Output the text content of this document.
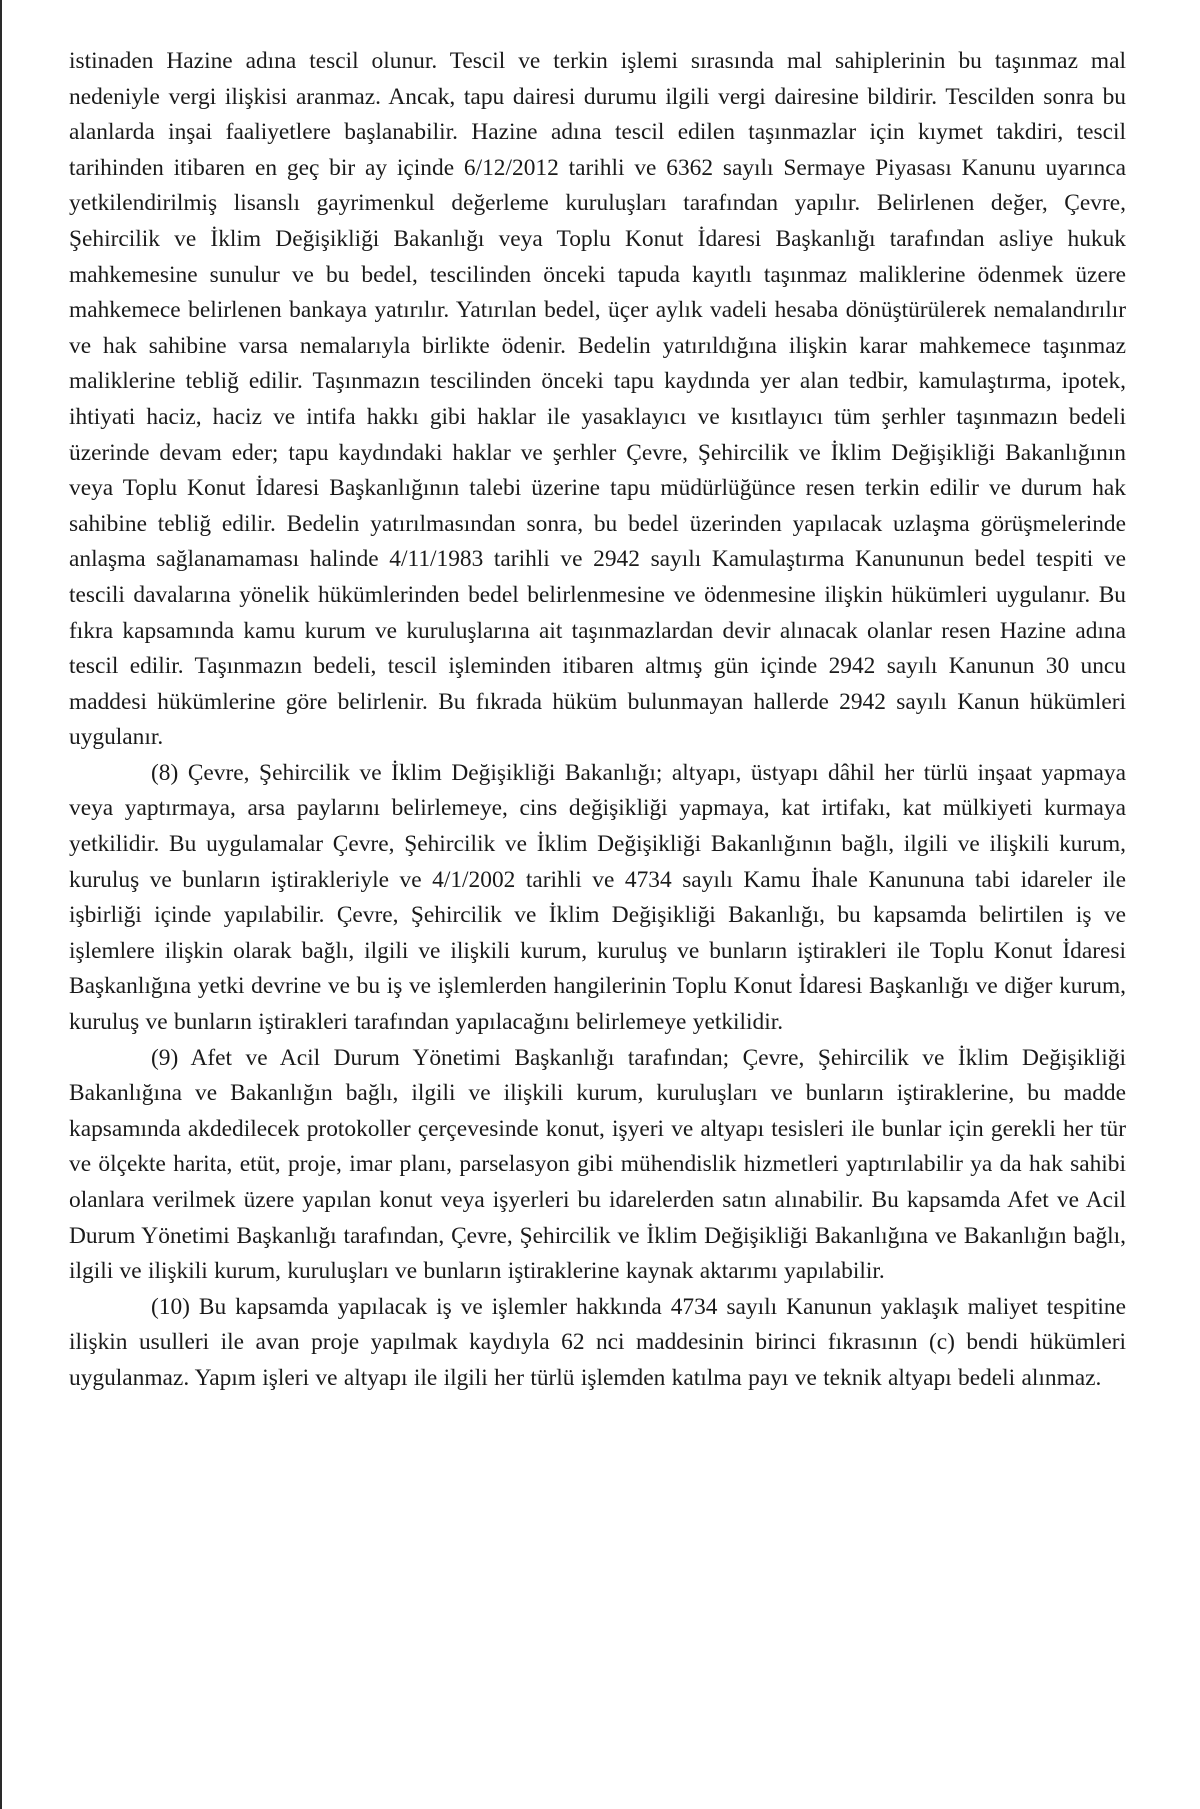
istinaden Hazine adına tescil olunur. Tescil ve terkin işlemi sırasında mal sahiplerinin bu taşınmaz mal nedeniyle vergi ilişkisi aranmaz. Ancak, tapu dairesi durumu ilgili vergi dairesine bildirir. Tescilden sonra bu alanlarda inşai faaliyetlere başlanabilir. Hazine adına tescil edilen taşınmazlar için kıymet takdiri, tescil tarihinden itibaren en geç bir ay içinde 6/12/2012 tarihli ve 6362 sayılı Sermaye Piyasası Kanunu uyarınca yetkilendirilmiş lisanslı gayrimenkul değerleme kuruluşları tarafından yapılır. Belirlenen değer, Çevre, Şehircilik ve İklim Değişikliği Bakanlığı veya Toplu Konut İdaresi Başkanlığı tarafından asliye hukuk mahkemesine sunulur ve bu bedel, tescilinden önceki tapuda kayıtlı taşınmaz maliklerine ödenmek üzere mahkemece belirlenen bankaya yatırılır. Yatırılan bedel, üçer aylık vadeli hesaba dönüştürülerek nemalandırılır ve hak sahibine varsa nemalarıyla birlikte ödenir. Bedelin yatırıldığına ilişkin karar mahkemece taşınmaz maliklerine tebliğ edilir. Taşınmazın tescilinden önceki tapu kaydında yer alan tedbir, kamulaştırma, ipotek, ihtiyati haciz, haciz ve intifa hakkı gibi haklar ile yasaklayıcı ve kısıtlayıcı tüm şerhler taşınmazın bedeli üzerinde devam eder; tapu kaydındaki haklar ve şerhler Çevre, Şehircilik ve İklim Değişikliği Bakanlığının veya Toplu Konut İdaresi Başkanlığının talebi üzerine tapu müdürlüğünce resen terkin edilir ve durum hak sahibine tebliğ edilir. Bedelin yatırılmasından sonra, bu bedel üzerinden yapılacak uzlaşma görüşmelerinde anlaşma sağlanamaması halinde 4/11/1983 tarihli ve 2942 sayılı Kamulaştırma Kanununun bedel tespiti ve tescili davalarına yönelik hükümlerinden bedel belirlenmesine ve ödenmesine ilişkin hükümleri uygulanır. Bu fıkra kapsamında kamu kurum ve kuruluşlarına ait taşınmazlardan devir alınacak olanlar resen Hazine adına tescil edilir. Taşınmazın bedeli, tescil işleminden itibaren altmış gün içinde 2942 sayılı Kanunun 30 uncu maddesi hükümlerine göre belirlenir. Bu fıkrada hüküm bulunmayan hallerde 2942 sayılı Kanun hükümleri uygulanır.

(8) Çevre, Şehircilik ve İklim Değişikliği Bakanlığı; altyapı, üstyapı dâhil her türlü inşaat yapmaya veya yaptırmaya, arsa paylarını belirlemeye, cins değişikliği yapmaya, kat irtifakı, kat mülkiyeti kurmaya yetkilidir. Bu uygulamalar Çevre, Şehircilik ve İklim Değişikliği Bakanlığının bağlı, ilgili ve ilişkili kurum, kuruluş ve bunların iştirakleriyle ve 4/1/2002 tarihli ve 4734 sayılı Kamu İhale Kanununa tabi idareler ile işbirliği içinde yapılabilir. Çevre, Şehircilik ve İklim Değişikliği Bakanlığı, bu kapsamda belirtilen iş ve işlemlere ilişkin olarak bağlı, ilgili ve ilişkili kurum, kuruluş ve bunların iştirakleri ile Toplu Konut İdaresi Başkanlığına yetki devrine ve bu iş ve işlemlerden hangilerinin Toplu Konut İdaresi Başkanlığı ve diğer kurum, kuruluş ve bunların iştirakleri tarafından yapılacağını belirlemeye yetkilidir.

(9) Afet ve Acil Durum Yönetimi Başkanlığı tarafından; Çevre, Şehircilik ve İklim Değişikliği Bakanlığına ve Bakanlığın bağlı, ilgili ve ilişkili kurum, kuruluşları ve bunların iştiraklerine, bu madde kapsamında akdedilecek protokoller çerçevesinde konut, işyeri ve altyapı tesisleri ile bunlar için gerekli her tür ve ölçekte harita, etüt, proje, imar planı, parselasyon gibi mühendislik hizmetleri yaptırılabilir ya da hak sahibi olanlara verilmek üzere yapılan konut veya işyerleri bu idarelerden satın alınabilir. Bu kapsamda Afet ve Acil Durum Yönetimi Başkanlığı tarafından, Çevre, Şehircilik ve İklim Değişikliği Bakanlığına ve Bakanlığın bağlı, ilgili ve ilişkili kurum, kuruluşları ve bunların iştiraklerine kaynak aktarımı yapılabilir.

(10) Bu kapsamda yapılacak iş ve işlemler hakkında 4734 sayılı Kanunun yaklaşık maliyet tespitine ilişkin usulleri ile avan proje yapılmak kaydıyla 62 nci maddesinin birinci fıkrasının (c) bendi hükümleri uygulanmaz. Yapım işleri ve altyapı ile ilgili her türlü işlemden katılma payı ve teknik altyapı bedeli alınmaz.
